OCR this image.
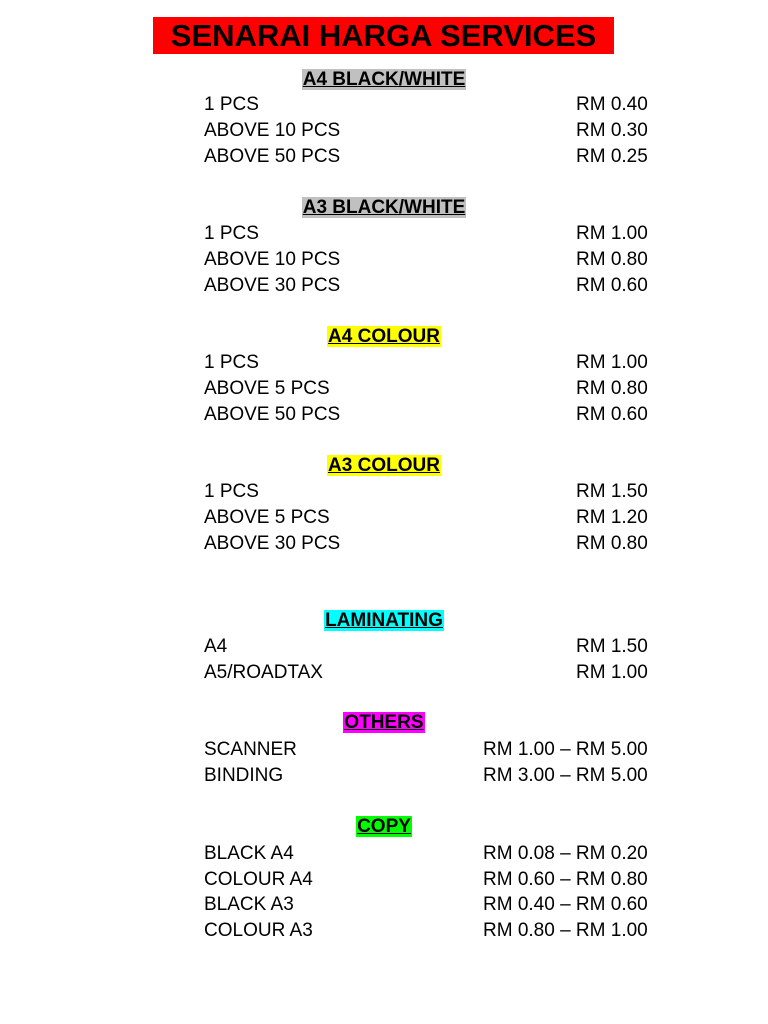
SENARAI HARGA SERVICES
A4 BLACK/WHITE
1 PCS	RM 0.40
ABOVE 10 PCS	RM 0.30
ABOVE 50 PCS	RM 0.25
A3 BLACK/WHITE
1 PCS	RM 1.00
ABOVE 10 PCS	RM 0.80
ABOVE 30 PCS	RM 0.60
A4 COLOUR
1 PCS	RM 1.00
ABOVE 5 PCS	RM 0.80
ABOVE 50 PCS	RM 0.60
A3 COLOUR
1 PCS	RM 1.50
ABOVE 5 PCS	RM 1.20
ABOVE 30 PCS	RM 0.80
LAMINATING
A4	RM 1.50
A5/ROADTAX	RM 1.00
OTHERS
SCANNER	RM 1.00 – RM 5.00
BINDING	RM 3.00 – RM 5.00
COPY
BLACK A4	RM 0.08 – RM 0.20
COLOUR A4	RM 0.60 – RM 0.80
BLACK A3	RM 0.40 – RM 0.60
COLOUR A3	RM 0.80 – RM 1.00
